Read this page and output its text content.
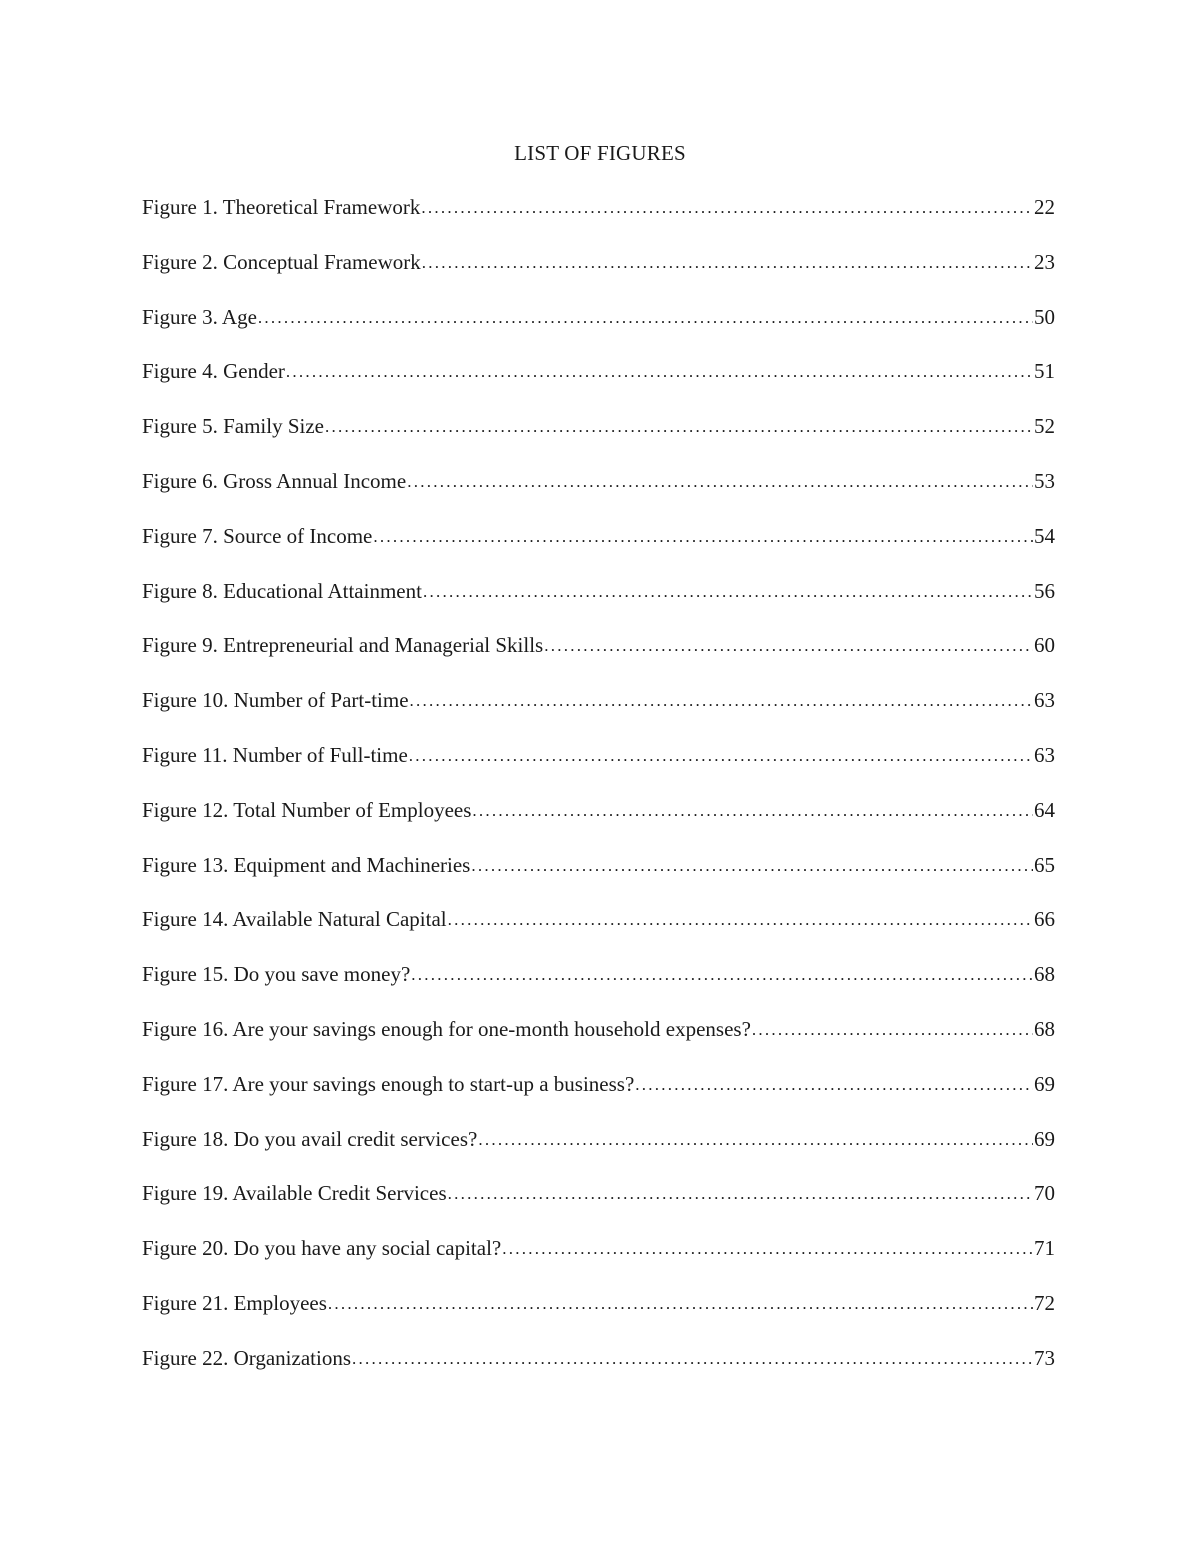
LIST OF FIGURES
Figure 1. Theoretical Framework . . .	22
Figure 2. Conceptual Framework . . .	23
Figure 3. Age . . .	50
Figure 4. Gender . . .	51
Figure 5. Family Size . . .	52
Figure 6. Gross Annual Income . . .	53
Figure 7. Source of Income . . .	54
Figure 8. Educational Attainment . . .	56
Figure 9. Entrepreneurial and Managerial Skills . . .	60
Figure 10. Number of Part-time . . .	63
Figure 11. Number of Full-time . . .	63
Figure 12. Total Number of Employees . . .	64
Figure 13. Equipment and Machineries . . .	65
Figure 14. Available Natural Capital . . .	66
Figure 15. Do you save money? . . .	68
Figure 16. Are your savings enough for one-month household expenses? . . .	68
Figure 17. Are your savings enough to start-up a business? . . .	69
Figure 18. Do you avail credit services? . . .	69
Figure 19. Available Credit Services . . .	70
Figure 20. Do you have any social capital? . . .	71
Figure 21. Employees . . .	72
Figure 22. Organizations . . .	73
